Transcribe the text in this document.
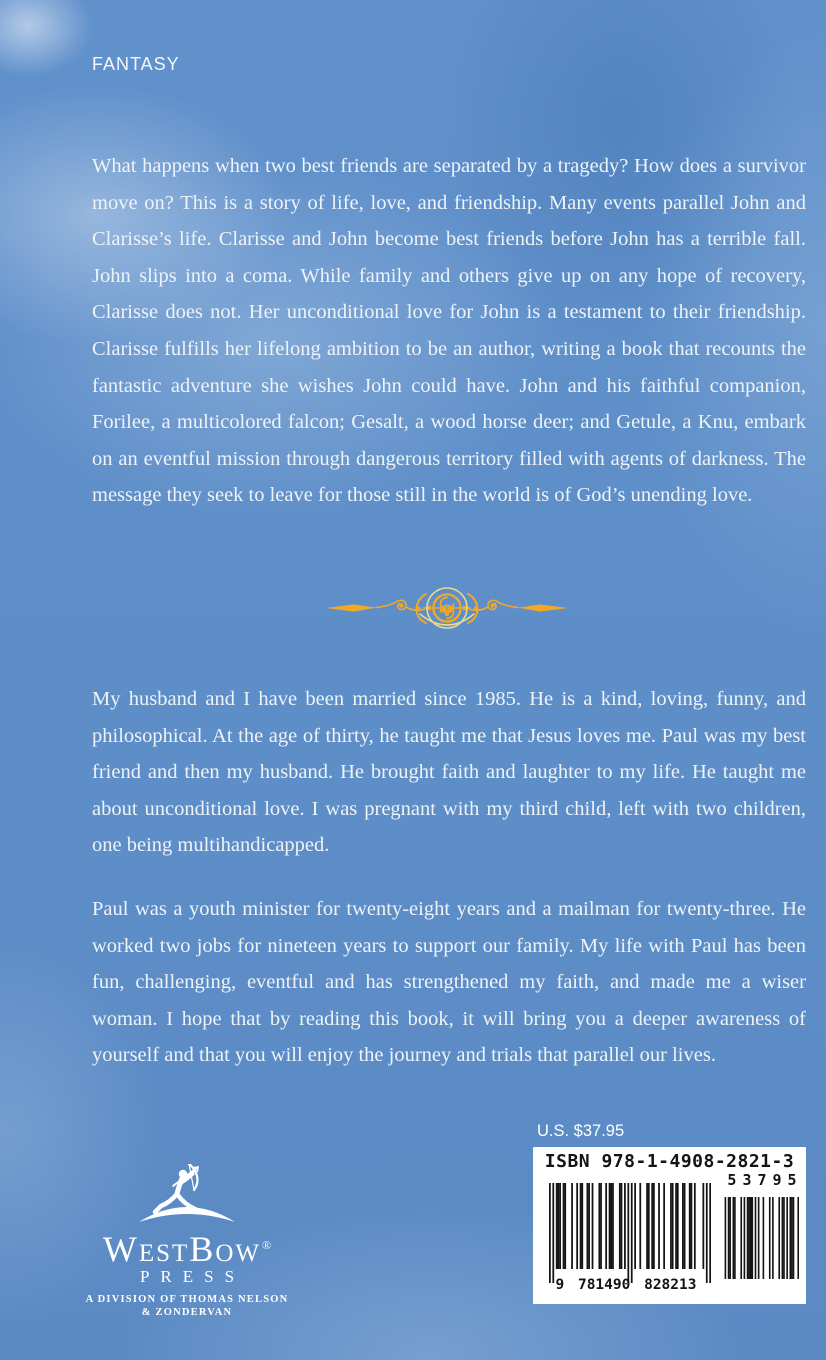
FANTASY

What happens when two best friends are separated by a tragedy? How does a survivor move on? This is a story of life, love, and friendship. Many events parallel John and Clarisse’s life. Clarisse and John become best friends before John has a terrible fall. John slips into a coma. While family and others give up on any hope of recovery, Clarisse does not. Her unconditional love for John is a testament to their friendship. Clarisse fulfills her lifelong ambition to be an author, writing a book that recounts the fantastic adventure she wishes John could have. John and his faithful companion, Forilee, a multicolored falcon; Gesalt, a wood horse deer; and Getule, a Knu, embark on an eventful mission through dangerous territory filled with agents of darkness. The message they seek to leave for those still in the world is of God’s unending love.

My husband and I have been married since 1985. He is a kind, loving, funny, and philosophical. At the age of thirty, he taught me that Jesus loves me. Paul was my best friend and then my husband. He brought faith and laughter to my life. He taught me about unconditional love. I was pregnant with my third child, left with two children, one being multihandicapped.

Paul was a youth minister for twenty-eight years and a mailman for twenty-three. He worked two jobs for nineteen years to support our family. My life with Paul has been fun, challenging, eventful and has strengthened my faith, and made me a wiser woman. I hope that by reading this book, it will bring you a deeper awareness of yourself and that you will enjoy the journey and trials that parallel our lives.

U.S. $37.95
ISBN 978-1-4908-2821-3
53795
9 781490 828213
WestBow®
PRESS
A DIVISION OF THOMAS NELSON
& ZONDERVAN
